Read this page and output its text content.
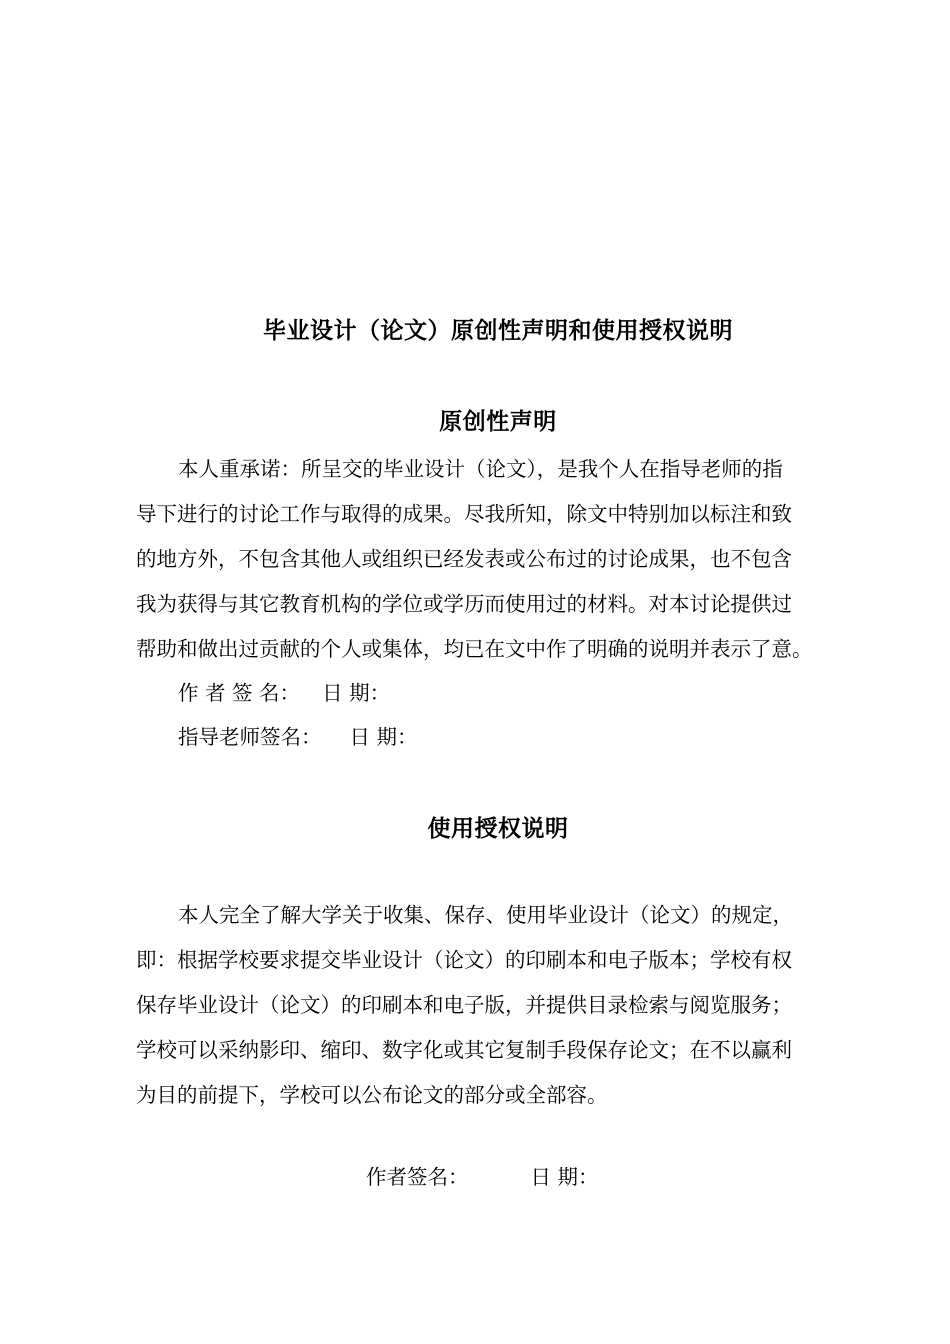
毕业设计（论文）原创性声明和使用授权说明
原创性声明
本人重承诺：所呈交的毕业设计（论文），是我个人在指导老师的指
导下进行的讨论工作与取得的成果。尽我所知，除文中特别加以标注和致
的地方外，不包含其他人或组织已经发表或公布过的讨论成果，也不包含
我为获得与其它教育机构的学位或学历而使用过的材料。对本讨论提供过
帮助和做出过贡献的个人或集体，均已在文中作了明确的说明并表示了意。
作 者 签 名： 日 期：
指导老师签名： 日 期：
使用授权说明
本人完全了解大学关于收集、保存、使用毕业设计（论文）的规定，
即：根据学校要求提交毕业设计（论文）的印刷本和电子版本；学校有权
保存毕业设计（论文）的印刷本和电子版，并提供目录检索与阅览服务；
学校可以采纳影印、缩印、数字化或其它复制手段保存论文；在不以赢利
为目的前提下，学校可以公布论文的部分或全部容。
作者签名：	日 期：
